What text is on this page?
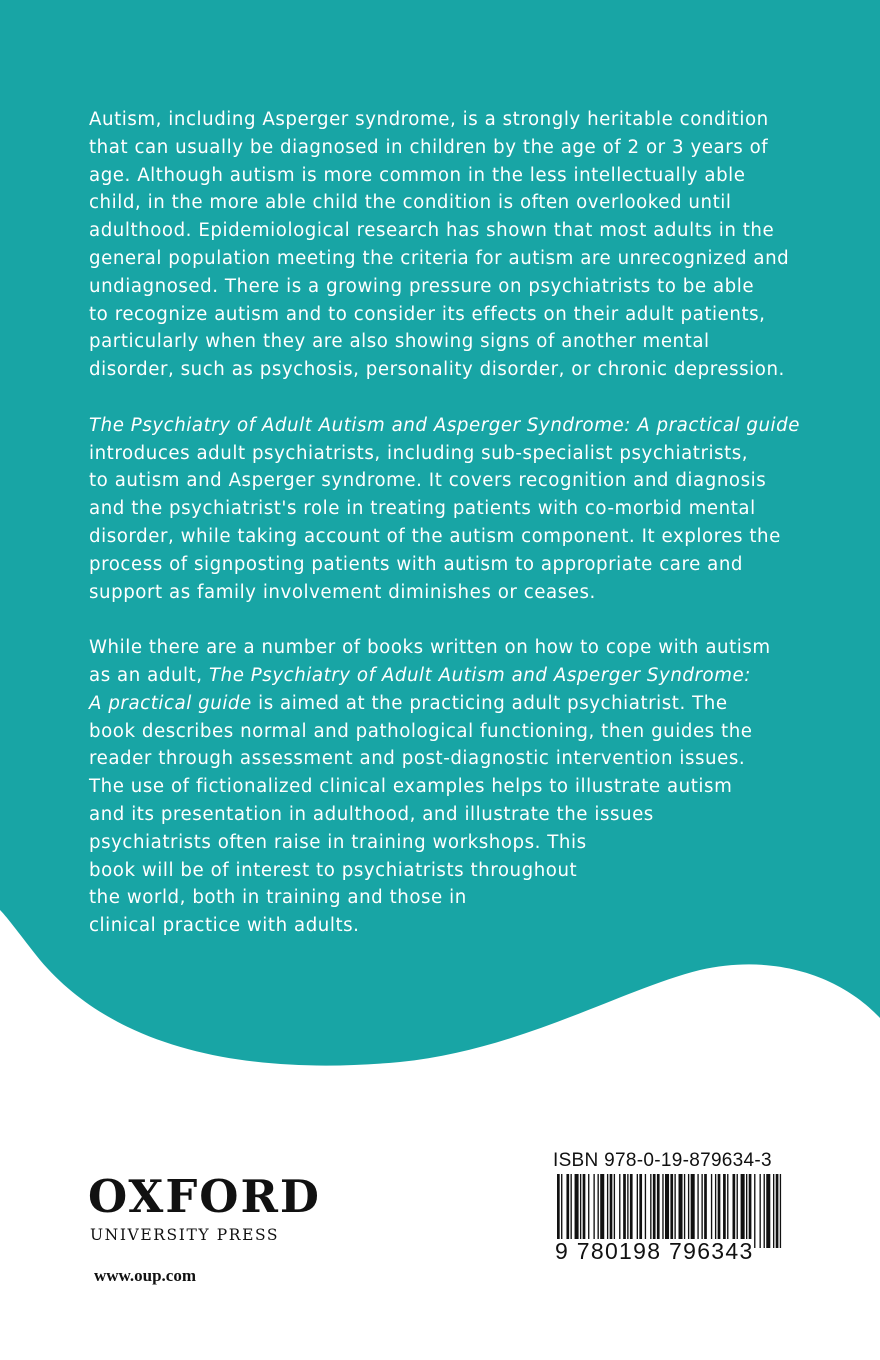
Autism, including Asperger syndrome, is a strongly heritable condition
that can usually be diagnosed in children by the age of 2 or 3 years of
age. Although autism is more common in the less intellectually able
child, in the more able child the condition is often overlooked until
adulthood. Epidemiological research has shown that most adults in the
general population meeting the criteria for autism are unrecognized and
undiagnosed. There is a growing pressure on psychiatrists to be able
to recognize autism and to consider its effects on their adult patients,
particularly when they are also showing signs of another mental
disorder, such as psychosis, personality disorder, or chronic depression.

The Psychiatry of Adult Autism and Asperger Syndrome: A practical guide
introduces adult psychiatrists, including sub-specialist psychiatrists,
to autism and Asperger syndrome. It covers recognition and diagnosis
and the psychiatrist's role in treating patients with co-morbid mental
disorder, while taking account of the autism component. It explores the
process of signposting patients with autism to appropriate care and
support as family involvement diminishes or ceases.

While there are a number of books written on how to cope with autism
as an adult, The Psychiatry of Adult Autism and Asperger Syndrome:
A practical guide is aimed at the practicing adult psychiatrist. The
book describes normal and pathological functioning, then guides the
reader through assessment and post-diagnostic intervention issues.
The use of fictionalized clinical examples helps to illustrate autism
and its presentation in adulthood, and illustrate the issues
psychiatrists often raise in training workshops. This
book will be of interest to psychiatrists throughout
the world, both in training and those in
clinical practice with adults.

OXFORD
UNIVERSITY PRESS
www.oup.com
ISBN 978-0-19-879634-3
9 780198 796343
